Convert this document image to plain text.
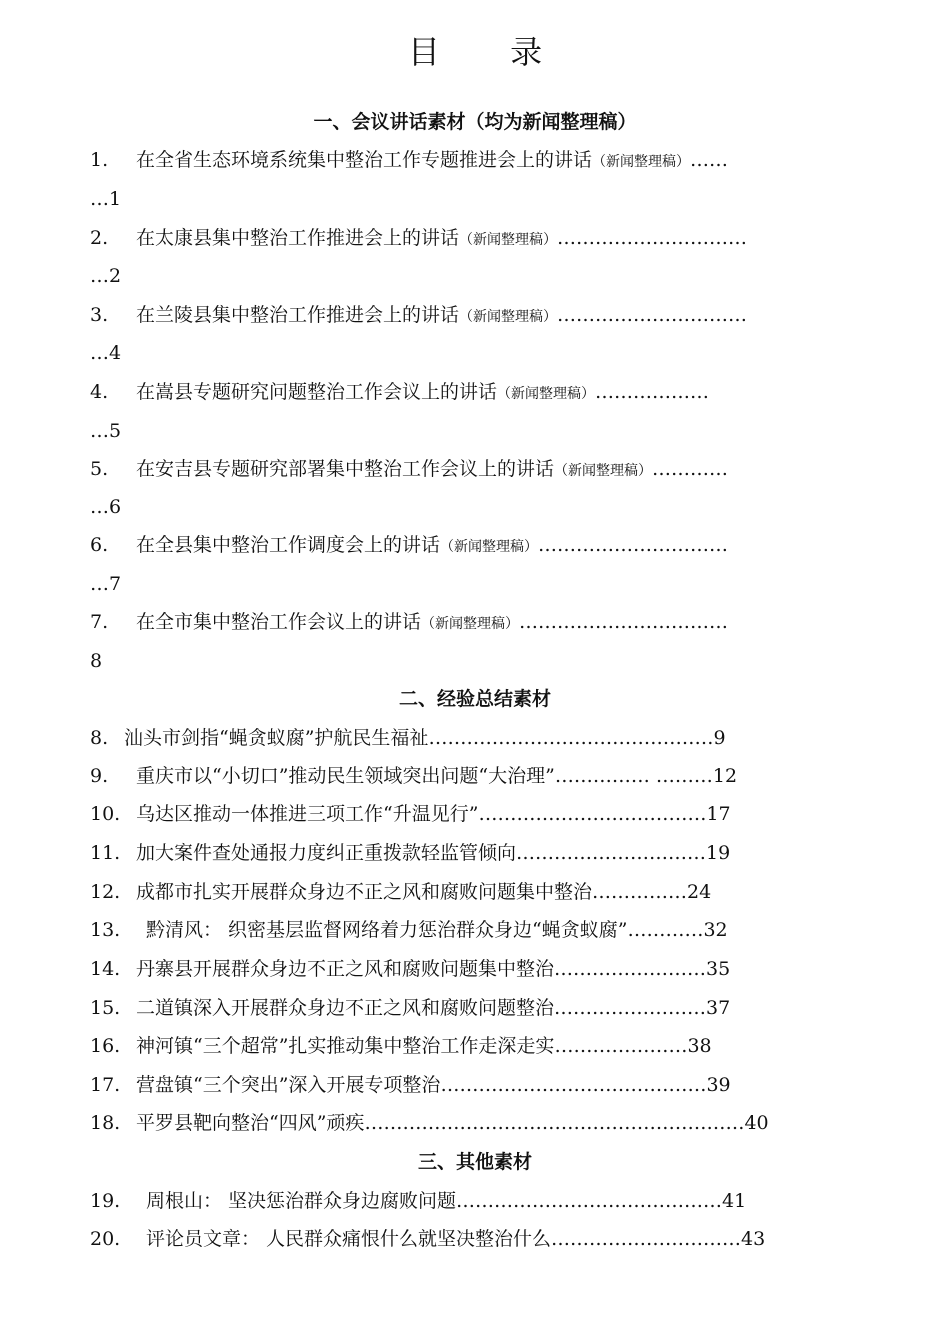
目 录
一、会议讲话素材（均为新闻整理稿）
1. 在全省生态环境系统集中整治工作专题推进会上的讲话（新闻整理稿）……
…1
2. 在太康县集中整治工作推进会上的讲话（新闻整理稿）…………………………
…2
3. 在兰陵县集中整治工作推进会上的讲话（新闻整理稿）…………………………
…4
4. 在嵩县专题研究问题整治工作会议上的讲话（新闻整理稿）………………
…5
5. 在安吉县专题研究部署集中整治工作会议上的讲话（新闻整理稿）…………
…6
6. 在全县集中整治工作调度会上的讲话（新闻整理稿）…………………………
…7
7. 在全市集中整治工作会议上的讲话（新闻整理稿）……………………………
8
二、经验总结素材
8. 汕头市剑指“蝇贪蚁腐”护航民生福祉………………………………………9
9. 重庆市以“小切口”推动民生领域突出问题“大治理”…………… ………12
10. 乌达区推动一体推进三项工作“升温见行”………………………………17
11. 加大案件查处通报力度纠正重拨款轻监管倾向…………………………19
12. 成都市扎实开展群众身边不正之风和腐败问题集中整治……………24
13. 黔清风： 织密基层监督网络着力惩治群众身边“蝇贪蚁腐”…………32
14. 丹寨县开展群众身边不正之风和腐败问题集中整治……………………35
15. 二道镇深入开展群众身边不正之风和腐败问题整治……………………37
16. 神河镇“三个超常”扎实推动集中整治工作走深走实…………………38
17. 营盘镇“三个突出”深入开展专项整治……………………………………39
18. 平罗县靶向整治“四风”顽疾……………………………………………………40
三、其他素材
19. 周根山： 坚决惩治群众身边腐败问题……………………………………41
20. 评论员文章： 人民群众痛恨什么就坚决整治什么…………………………43
